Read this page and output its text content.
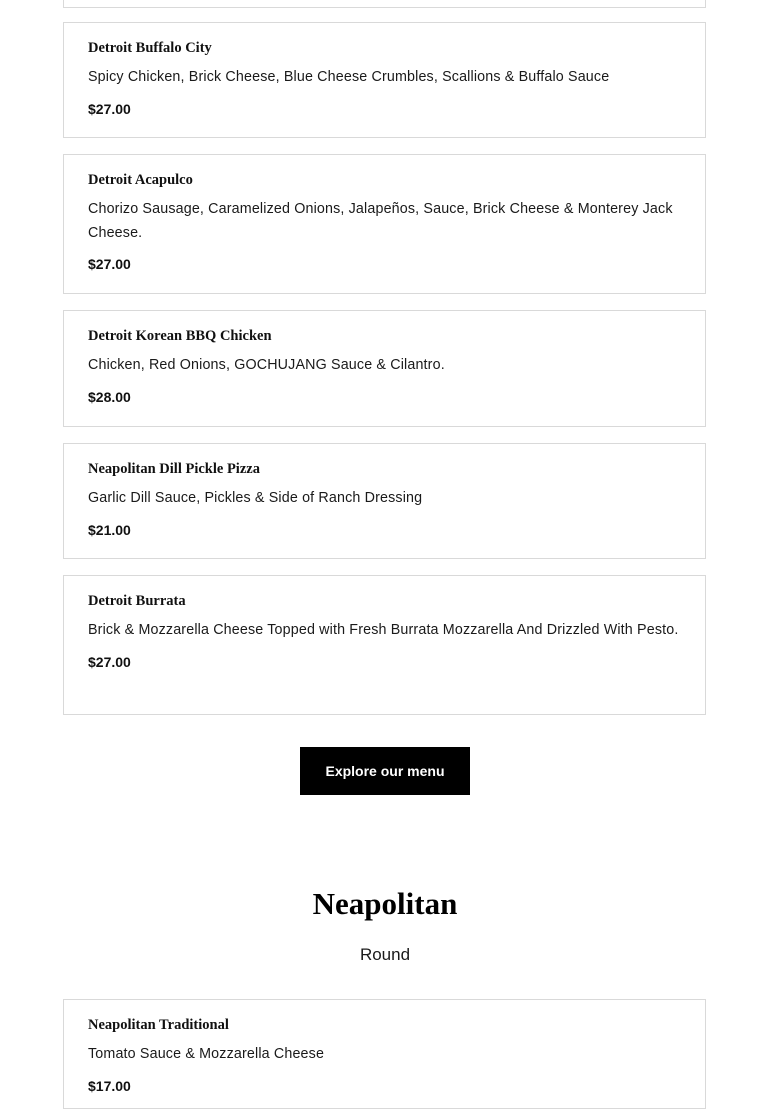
Detroit Buffalo City

Spicy Chicken, Brick Cheese, Blue Cheese Crumbles, Scallions & Buffalo Sauce

$27.00

Detroit Acapulco

Chorizo Sausage, Caramelized Onions, Jalapeños, Sauce, Brick Cheese & Monterey Jack Cheese.

$27.00

Detroit Korean BBQ Chicken

Chicken, Red Onions, GOCHUJANG Sauce & Cilantro.

$28.00

Neapolitan Dill Pickle Pizza

Garlic Dill Sauce, Pickles & Side of Ranch Dressing

$21.00

Detroit Burrata

Brick & Mozzarella Cheese Topped with Fresh Burrata Mozzarella And Drizzled With Pesto.

$27.00

Explore our menu
Neapolitan

Round

Neapolitan Traditional

Tomato Sauce & Mozzarella Cheese

$17.00
